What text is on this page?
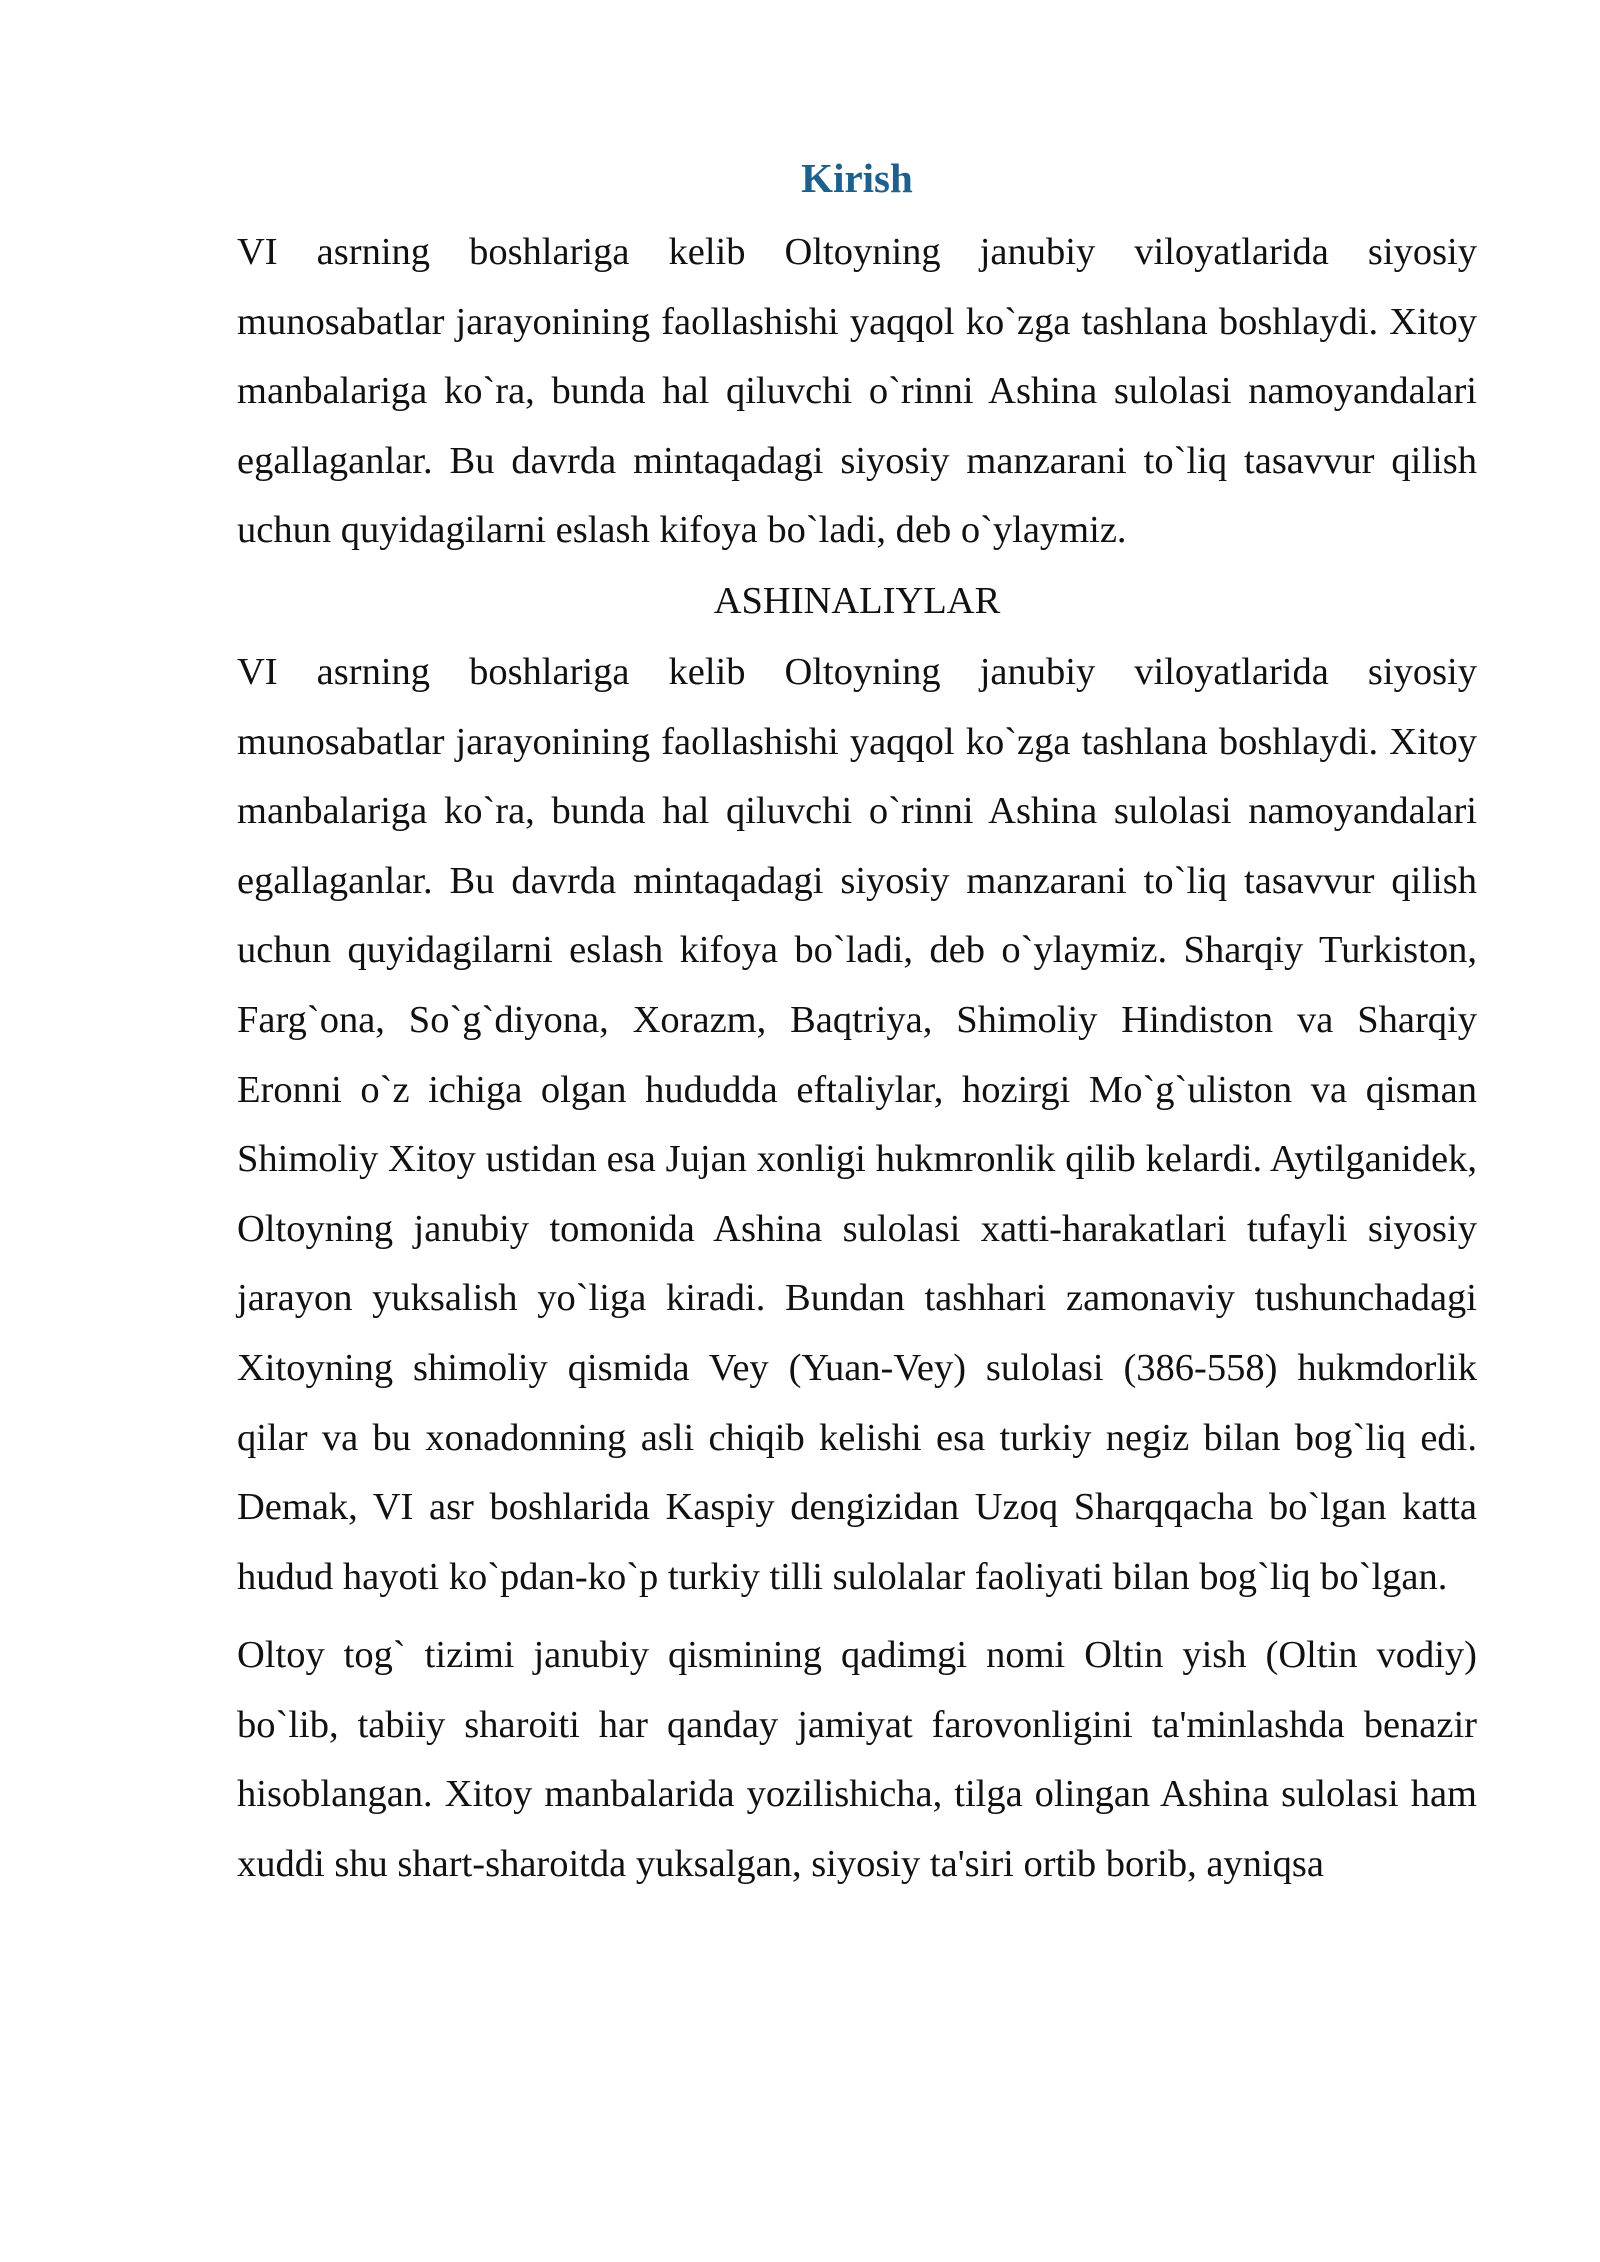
Kirish

VI asrning boshlariga kelib Oltoyning janubiy viloyatlarida siyosiy munosabatlar jarayonining faollashishi yaqqol ko`zga tashlana boshlaydi. Xitoy manbalariga ko`ra, bunda hal qiluvchi o`rinni Ashina sulolasi namoyandalari egallaganlar. Bu davrda mintaqadagi siyosiy manzarani to`liq tasavvur qilish uchun quyidagilarni eslash kifoya bo`ladi, deb o`ylaymiz.

ASHINALIYLAR

VI asrning boshlariga kelib Oltoyning janubiy viloyatlarida siyosiy munosabatlar jarayonining faollashishi yaqqol ko`zga tashlana boshlaydi. Xitoy manbalariga ko`ra, bunda hal qiluvchi o`rinni Ashina sulolasi namoyandalari egallaganlar. Bu davrda mintaqadagi siyosiy manzarani to`liq tasavvur qilish uchun quyidagilarni eslash kifoya bo`ladi, deb o`ylaymiz. Sharqiy Turkiston, Farg`ona, So`g`diyona, Xorazm, Baqtriya, Shimoliy Hindiston va Sharqiy Eronni o`z ichiga olgan hududda eftaliylar, hozirgi Mo`g`uliston va qisman Shimoliy Xitoy ustidan esa Jujan xonligi hukmronlik qilib kelardi. Aytilganidek, Oltoyning janubiy tomonida Ashina sulolasi xatti-harakatlari tufayli siyosiy jarayon yuksalish yo`liga kiradi. Bundan tashhari zamonaviy tushunchadagi Xitoyning shimoliy qismida Vey (Yuan-Vey) sulolasi (386-558) hukmdorlik qilar va bu xonadonning asli chiqib kelishi esa turkiy negiz bilan bog`liq edi. Demak, VI asr boshlarida Kaspiy dengizidan Uzoq Sharqqacha bo`lgan katta hudud hayoti ko`pdan-ko`p turkiy tilli sulolalar faoliyati bilan bog`liq bo`lgan.

Oltoy tog` tizimi janubiy qismining qadimgi nomi Oltin yish (Oltin vodiy) bo`lib, tabiiy sharoiti har qanday jamiyat farovonligini ta'minlashda benazir hisoblangan. Xitoy manbalarida yozilishicha, tilga olingan Ashina sulolasi ham xuddi shu shart-sharoitda yuksalgan, siyosiy ta'siri ortib borib, ayniqsa
